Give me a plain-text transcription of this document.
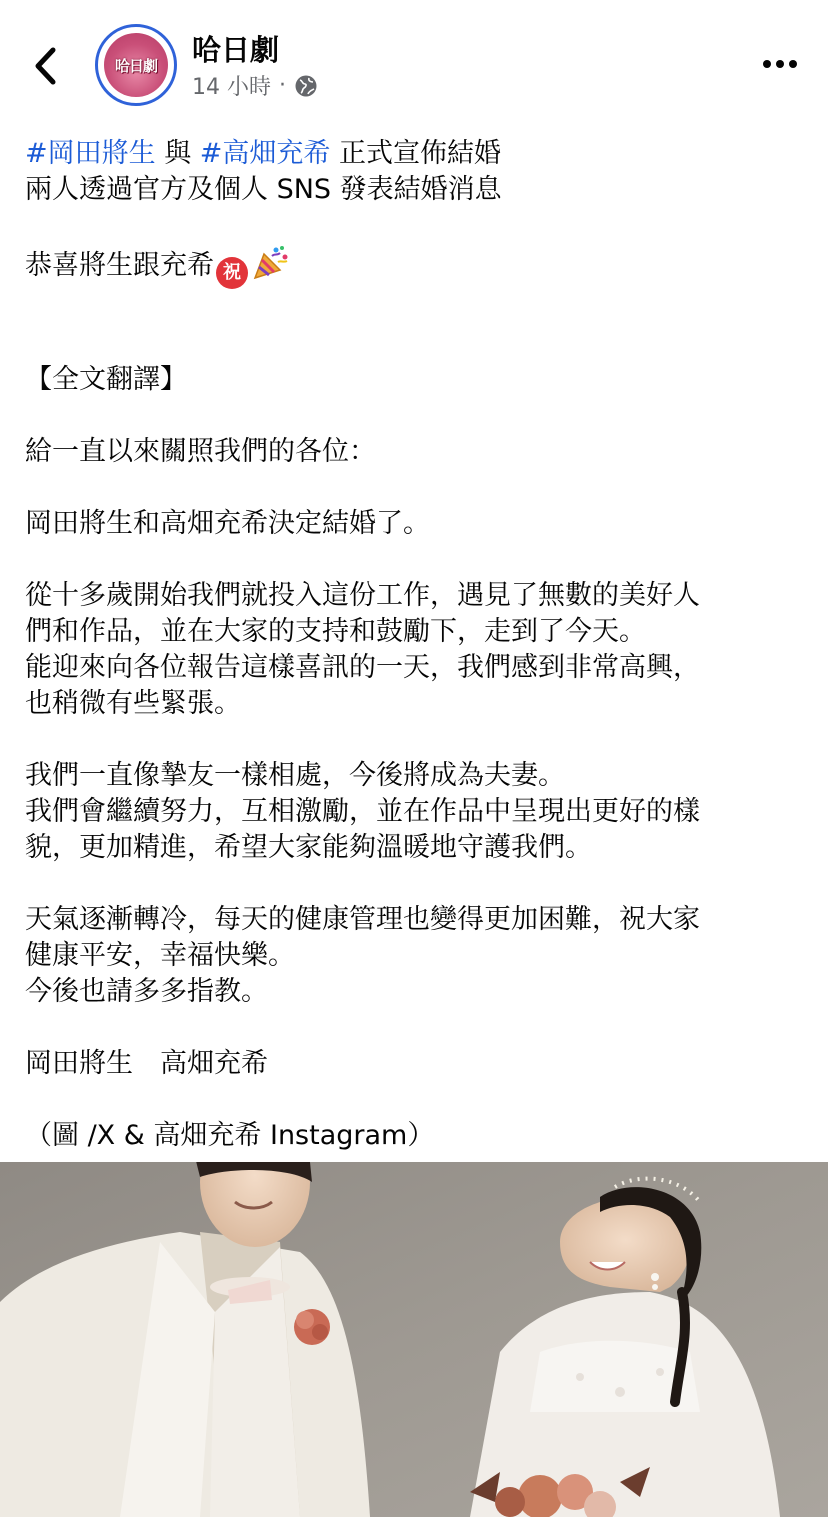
哈日劇 哈日劇
14 小時 ·
#岡田將生 與 #高畑充希 正式宣佈結婚
兩人透過官方及個人 SNS 發表結婚消息
恭喜將生跟充希 祝
【全文翻譯】
給一直以來關照我們的各位：
岡田將生和高畑充希決定結婚了。
從十多歲開始我們就投入這份工作，遇見了無數的美好人
們和作品，並在大家的支持和鼓勵下，走到了今天。
能迎來向各位報告這樣喜訊的一天，我們感到非常高興，
也稍微有些緊張。
我們一直像摯友一樣相處，今後將成為夫妻。
我們會繼續努力，互相激勵，並在作品中呈現出更好的樣
貌，更加精進，希望大家能夠溫暖地守護我們。
天氣逐漸轉冷，每天的健康管理也變得更加困難，祝大家
健康平安，幸福快樂。
今後也請多多指教。
岡田將生　高畑充希
（圖 /X & 高畑充希 Instagram）
